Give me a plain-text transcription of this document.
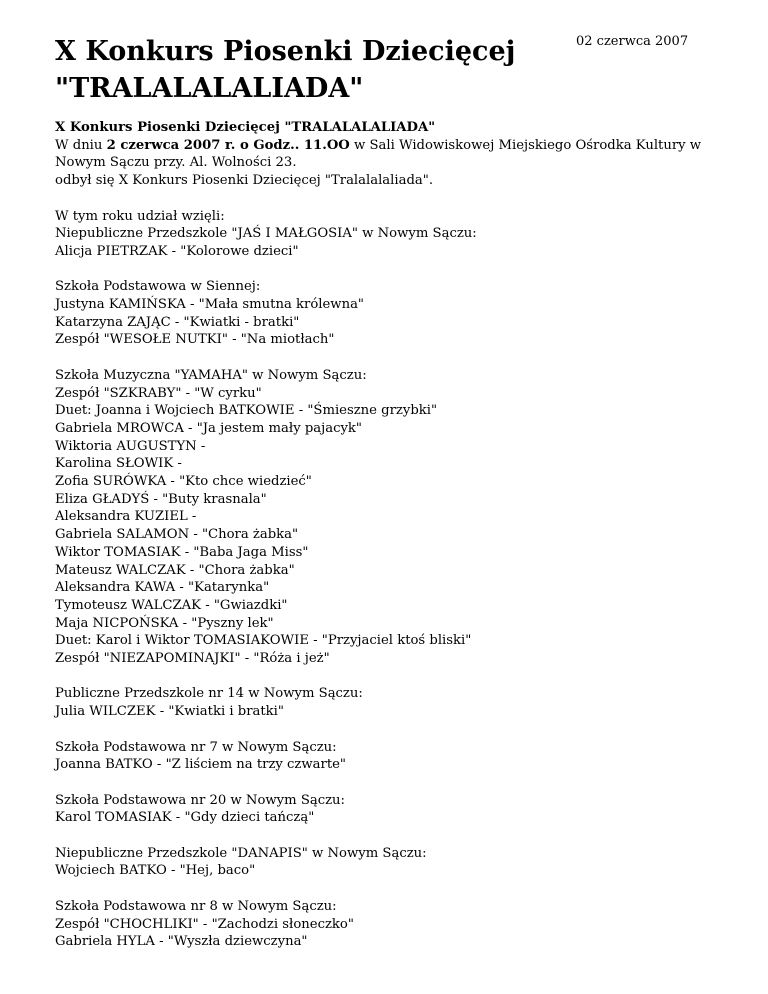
02 czerwca 2007
X Konkurs Piosenki Dziecięcej
"TRALALALALIADA"

X Konkurs Piosenki Dziecięcej "TRALALALALIADA"
W dniu 2 czerwca 2007 r. o Godz.. 11.OO w Sali Widowiskowej Miejskiego Ośrodka Kultury w Nowym Sączu przy. Al. Wolności 23.
odbył się X Konkurs Piosenki Dziecięcej "Tralalalaliada".

W tym roku udział wzięli:
Niepubliczne Przedszkole "JAŚ I MAŁGOSIA" w Nowym Sączu:
Alicja PIETRZAK - "Kolorowe dzieci"

Szkoła Podstawowa w Siennej:
Justyna KAMIŃSKA - "Mała smutna królewna"
Katarzyna ZAJĄC - "Kwiatki - bratki"
Zespół "WESOŁE NUTKI" - "Na miotłach"

Szkoła Muzyczna "YAMAHA" w Nowym Sączu:
Zespół "SZKRABY" - "W cyrku"
Duet: Joanna i Wojciech BATKOWIE - "Śmieszne grzybki"
Gabriela MROWCA - "Ja jestem mały pajacyk"
Wiktoria AUGUSTYN -
Karolina SŁOWIK -
Zofia SURÓWKA - "Kto chce wiedzieć"
Eliza GŁADYŚ - "Buty krasnala"
Aleksandra KUZIEL -
Gabriela SALAMON - "Chora żabka"
Wiktor TOMASIAK - "Baba Jaga Miss"
Mateusz WALCZAK - "Chora żabka"
Aleksandra KAWA - "Katarynka"
Tymoteusz WALCZAK - "Gwiazdki"
Maja NICPOŃSKA - "Pyszny lek"
Duet: Karol i Wiktor TOMASIAKOWIE - "Przyjaciel ktoś bliski"
Zespół "NIEZAPOMINAJKI" - "Róża i jeż"

Publiczne Przedszkole nr 14 w Nowym Sączu:
Julia WILCZEK - "Kwiatki i bratki"

Szkoła Podstawowa nr 7 w Nowym Sączu:
Joanna BATKO - "Z liściem na trzy czwarte"

Szkoła Podstawowa nr 20 w Nowym Sączu:
Karol TOMASIAK - "Gdy dzieci tańczą"

Niepubliczne Przedszkole "DANAPIS" w Nowym Sączu:
Wojciech BATKO - "Hej, baco"

Szkoła Podstawowa nr 8 w Nowym Sączu:
Zespół "CHOCHLIKI" - "Zachodzi słoneczko"
Gabriela HYLA - "Wyszła dziewczyna"
